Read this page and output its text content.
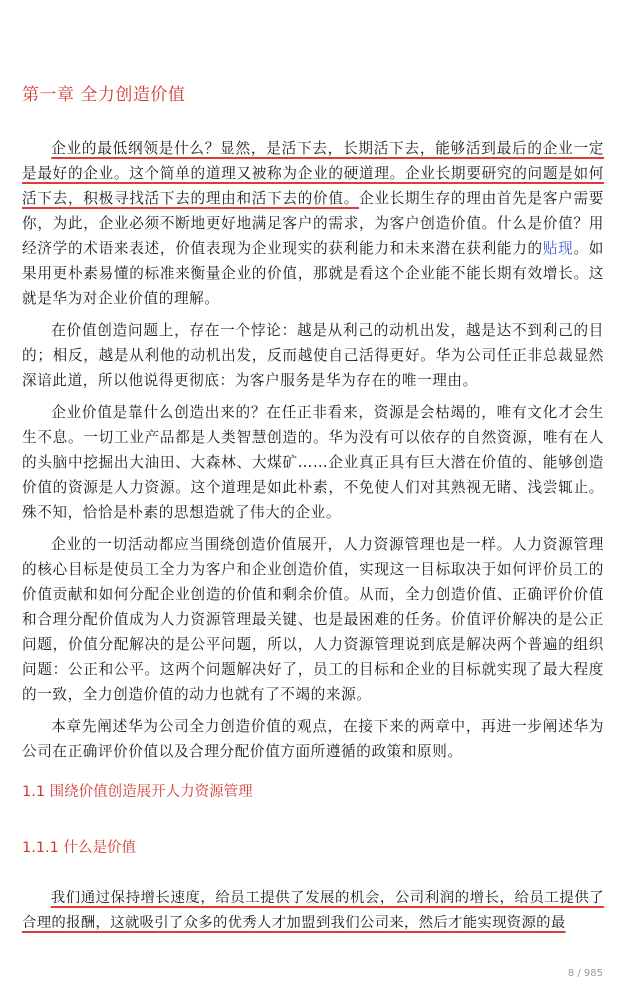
第一章 全力创造价值

企业的最低纲领是什么？显然，是活下去，长期活下去，能够活到最后的企业一定是最好的企业。这个简单的道理又被称为企业的硬道理。企业长期要研究的问题是如何活下去，积极寻找活下去的理由和活下去的价值。企业长期生存的理由首先是客户需要你，为此，企业必须不断地更好地满足客户的需求，为客户创造价值。什么是价值？用经济学的术语来表述，价值表现为企业现实的获利能力和未来潜在获利能力的贴现。如果用更朴素易懂的标准来衡量企业的价值，那就是看这个企业能不能长期有效增长。这就是华为对企业价值的理解。

在价值创造问题上，存在一个悖论：越是从利己的动机出发，越是达不到利己的目的；相反，越是从利他的动机出发，反而越使自己活得更好。华为公司任正非总裁显然深谙此道，所以他说得更彻底：为客户服务是华为存在的唯一理由。

企业价值是靠什么创造出来的？在任正非看来，资源是会枯竭的，唯有文化才会生生不息。一切工业产品都是人类智慧创造的。华为没有可以依存的自然资源，唯有在人的头脑中挖掘出大油田、大森林、大煤矿……企业真正具有巨大潜在价值的、能够创造价值的资源是人力资源。这个道理是如此朴素，不免使人们对其熟视无睹、浅尝辄止。殊不知，恰恰是朴素的思想造就了伟大的企业。

企业的一切活动都应当围绕创造价值展开，人力资源管理也是一样。人力资源管理的核心目标是使员工全力为客户和企业创造价值，实现这一目标取决于如何评价员工的价值贡献和如何分配企业创造的价值和剩余价值。从而，全力创造价值、正确评价价值和合理分配价值成为人力资源管理最关键、也是最困难的任务。价值评价解决的是公正问题，价值分配解决的是公平问题，所以，人力资源管理说到底是解决两个普遍的组织问题：公正和公平。这两个问题解决好了，员工的目标和企业的目标就实现了最大程度的一致，全力创造价值的动力也就有了不竭的来源。

本章先阐述华为公司全力创造价值的观点，在接下来的两章中，再进一步阐述华为公司在正确评价价值以及合理分配价值方面所遵循的政策和原则。

1.1 围绕价值创造展开人力资源管理
1.1.1 什么是价值

我们通过保持增长速度，给员工提供了发展的机会，公司利润的增长，给员工提供了合理的报酬，这就吸引了众多的优秀人才加盟到我们公司来，然后才能实现资源的最

8 / 985
